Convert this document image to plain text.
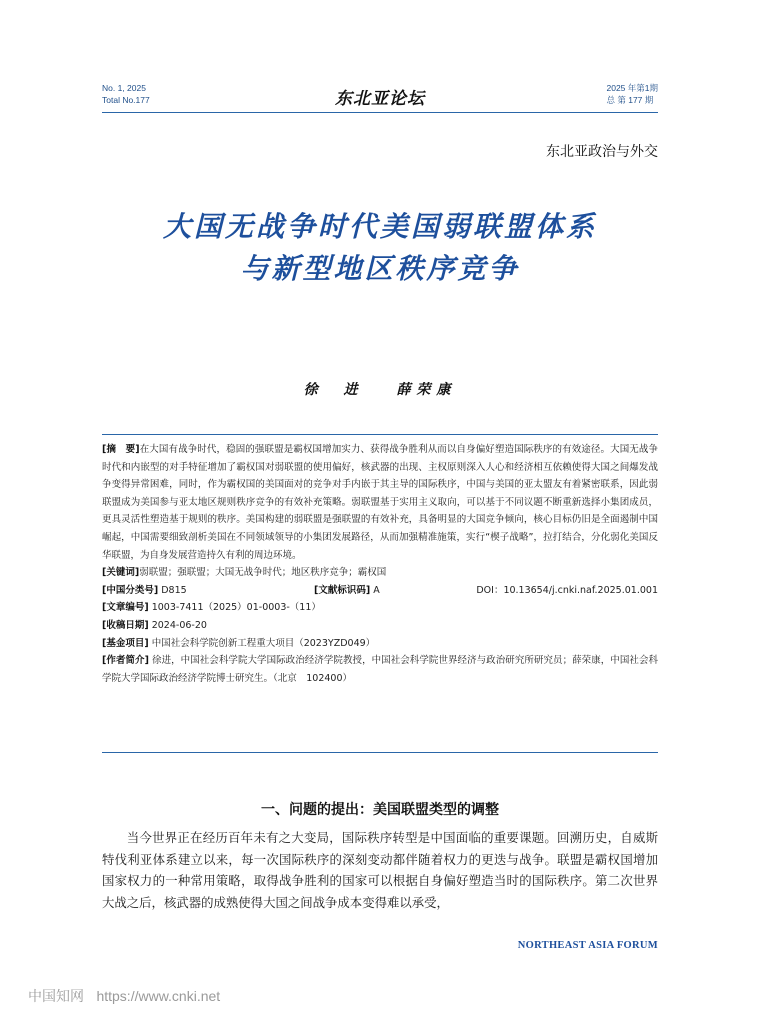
No. 1, 2025
Total No.177	东北亚论坛
2025 年第1期
总 第 177 期
东北亚政治与外交
大国无战争时代美国弱联盟体系
与新型地区秩序竞争
徐　进 薛荣康

[摘　要]在大国有战争时代，稳固的强联盟是霸权国增加实力、获得战争胜利从而以自身偏好塑造国际秩序的有效途径。大国无战争时代和内嵌型的对手特征增加了霸权国对弱联盟的使用偏好，核武器的出现、主权原则深入人心和经济相互依赖使得大国之间爆发战争变得异常困难，同时，作为霸权国的美国面对的竞争对手内嵌于其主导的国际秩序，中国与美国的亚太盟友有着紧密联系，因此弱联盟成为美国参与亚太地区规则秩序竞争的有效补充策略。弱联盟基于实用主义取向，可以基于不同议题不断重新选择小集团成员，更具灵活性塑造基于规则的秩序。美国构建的弱联盟是强联盟的有效补充，具备明显的大国竞争倾向，核心目标仍旧是全面遏制中国崛起，中国需要细致剖析美国在不同领域领导的小集团发展路径，从而加强精准施策，实行“楔子战略”，拉打结合，分化弱化美国反华联盟，为自身发展营造持久有利的周边环境。

[关键词]弱联盟；强联盟；大国无战争时代；地区秩序竞争；霸权国

[中国分类号] D815	[文献标识码] A	DOI：10.13654/j.cnki.naf.2025.01.001

[文章编号] 1003-7411（2025）01-0003-（11）

[收稿日期] 2024-06-20

[基金项目] 中国社会科学院创新工程重大项目（2023YZD049）

[作者简介] 徐进，中国社会科学院大学国际政治经济学院教授，中国社会科学院世界经济与政治研究所研究员；薛荣康，中国社会科学院大学国际政治经济学院博士研究生。（北京　102400）

一、问题的提出：美国联盟类型的调整

当今世界正在经历百年未有之大变局，国际秩序转型是中国面临的重要课题。回溯历史，自威斯特伐利亚体系建立以来，每一次国际秩序的深刻变动都伴随着权力的更迭与战争。联盟是霸权国增加国家权力的一种常用策略，取得战争胜利的国家可以根据自身偏好塑造当时的国际秩序。第二次世界大战之后，核武器的成熟使得大国之间战争成本变得难以承受，

NORTHEAST ASIA FORUM
中国知网 https://www.cnki.net
